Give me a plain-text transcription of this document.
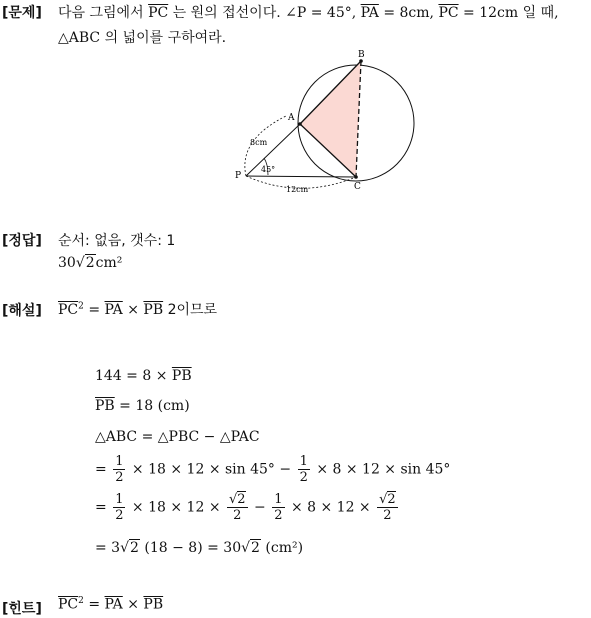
[문제] 다음 그림에서 $\overline{PC}$ 는 원의 접선이다. ∠P = 45°, $\overline{PA} = 8cm$, $\overline{PC} = 12cm$ 일 때,
△ABC 의 넓이를 구하여라.
A
B
C
P
8cm
45°
12cm
[정답] 순서: 없음, 갯수: 1
30√2cm²
[해설] $\overline{PC}^2 = \overline{PA} \times \overline{PB}$ 2이므로
$144 = 8 \times \overline{PB}$
$\overline{PB} = 18$ (cm)
△ABC = △PBC − △PAC
= $\frac{1}{2} \times 18 \times 12 \times \sin 45^\circ - \frac{1}{2} \times 8 \times 12 \times \sin 45^\circ$
= $\frac{1}{2} \times 18 \times 12 \times \frac{√2}{2} - \frac{1}{2} \times 8 \times 12 \times \frac{√2}{2}$
= 3√2 (18 − 8) = 30√2 (cm²)
[힌트] $\overline{PC}^2 = \overline{PA} \times \overline{PB}$
